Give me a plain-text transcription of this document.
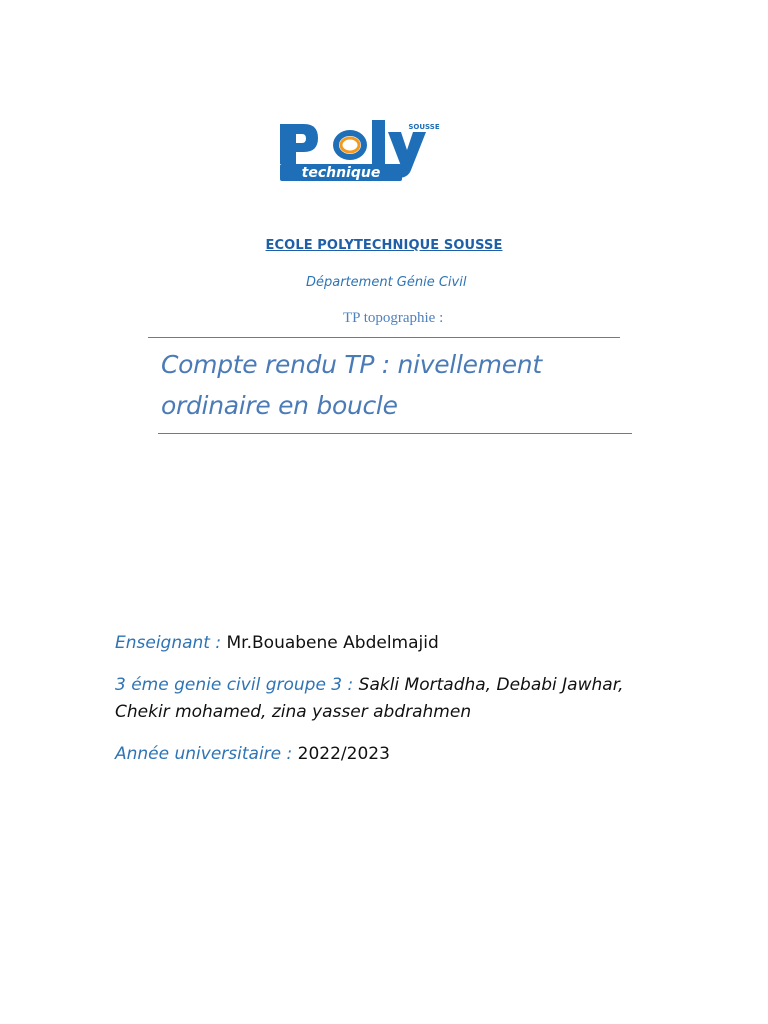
technique
SOUSSE
ECOLE POLYTECHNIQUE SOUSSE
Département Génie Civil
TP topographie :
Compte rendu TP : nivellement
ordinaire en boucle
Enseignant : Mr.Bouabene Abdelmajid
3 éme genie civil groupe 3 : Sakli Mortadha, Debabi Jawhar,
Chekir mohamed, zina yasser abdrahmen
Année universitaire : 2022/2023
